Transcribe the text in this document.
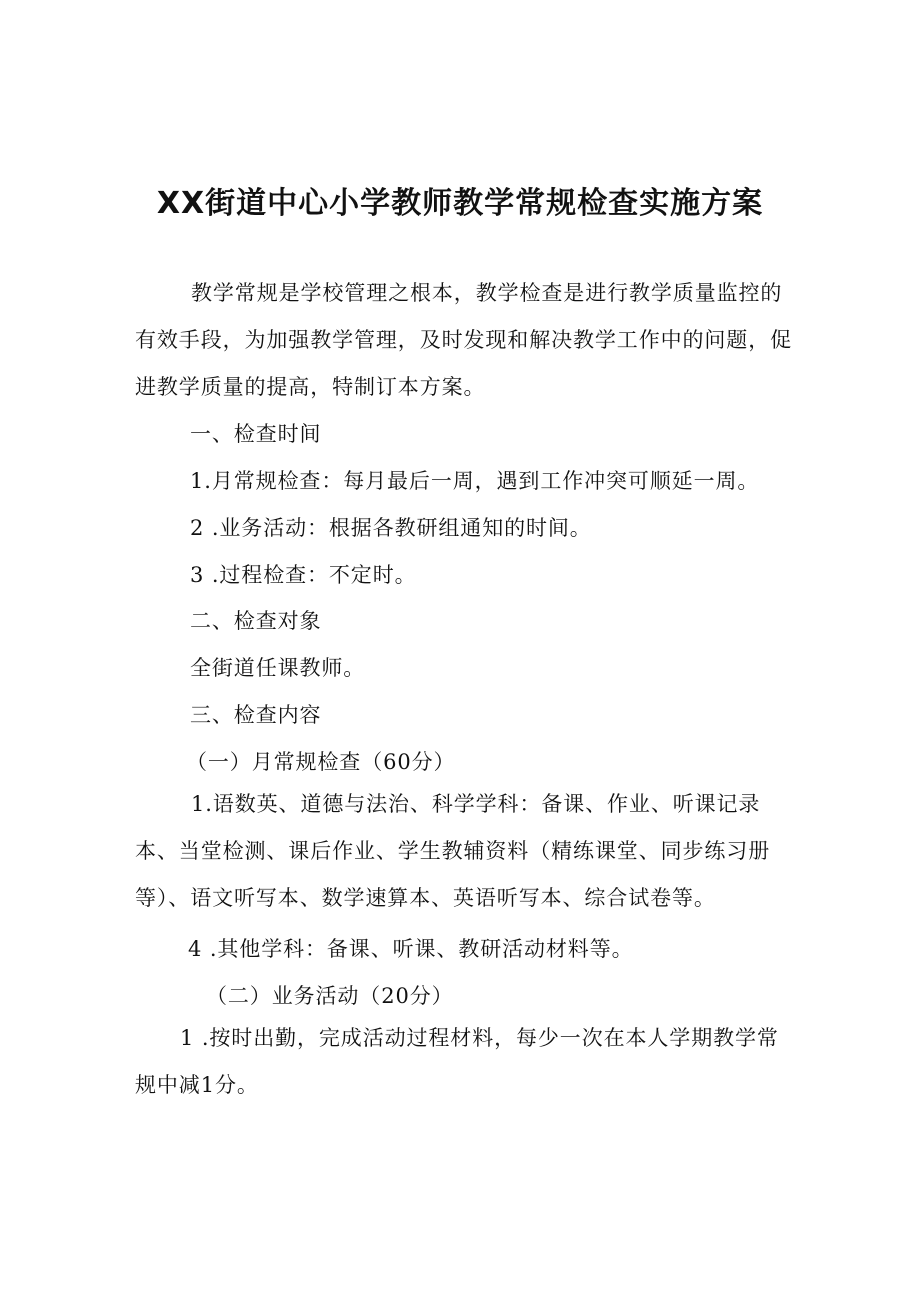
XX街道中心小学教师教学常规检查实施方案
教学常规是学校管理之根本，教学检查是进行教学质量监控的有效手段，为加强教学管理，及时发现和解决教学工作中的问题，促进教学质量的提高，特制订本方案。
一、检查时间
1.月常规检查：每月最后一周，遇到工作冲突可顺延一周。
2 .业务活动：根据各教研组通知的时间。
3 .过程检查：不定时。
二、检查对象
全街道任课教师。
三、检查内容
（一）月常规检查（60分）
1.语数英、道德与法治、科学学科：备课、作业、听课记录本、当堂检测、课后作业、学生教辅资料（精练课堂、同步练习册等）、语文听写本、数学速算本、英语听写本、综合试卷等。
4 .其他学科：备课、听课、教研活动材料等。
（二）业务活动（20分）
1 .按时出勤，完成活动过程材料，每少一次在本人学期教学常规中减1分。
